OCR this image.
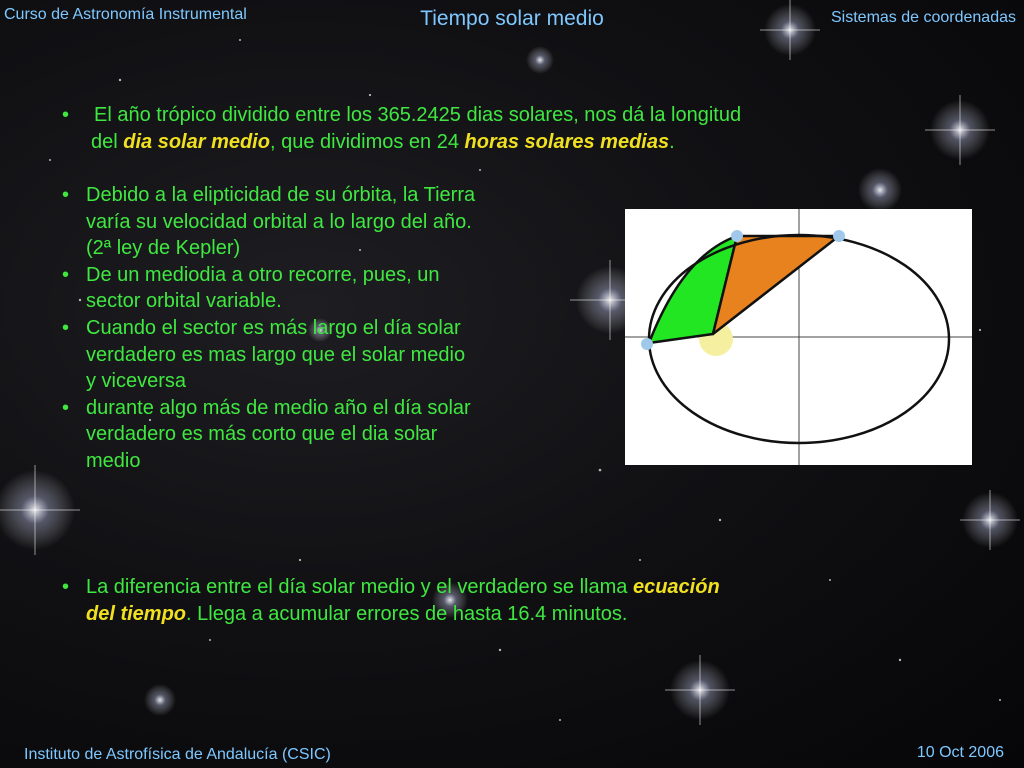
Curso de Astronomía Instrumental	Tiempo solar medio	Sistemas de coordenadas
• El año trópico dividido entre los 365.2425 dias solares, nos dá la longitud
del dia solar medio, que dividimos en 24 horas solares medias.
• Debido a la elipticidad de su órbita, la Tierra
varía su velocidad orbital a lo largo del año.
(2ª ley de Kepler)
• De un mediodia a otro recorre, pues, un
sector orbital variable.
• Cuando el sector es más largo el día solar
verdadero es mas largo que el solar medio
y viceversa
• durante algo más de medio año el día solar
verdadero es más corto que el dia solar
medio
• La diferencia entre el día solar medio y el verdadero se llama ecuación
del tiempo. Llega a acumular errores de hasta 16.4 minutos.
Instituto de Astrofísica de Andalucía (CSIC)	10 Oct 2006
